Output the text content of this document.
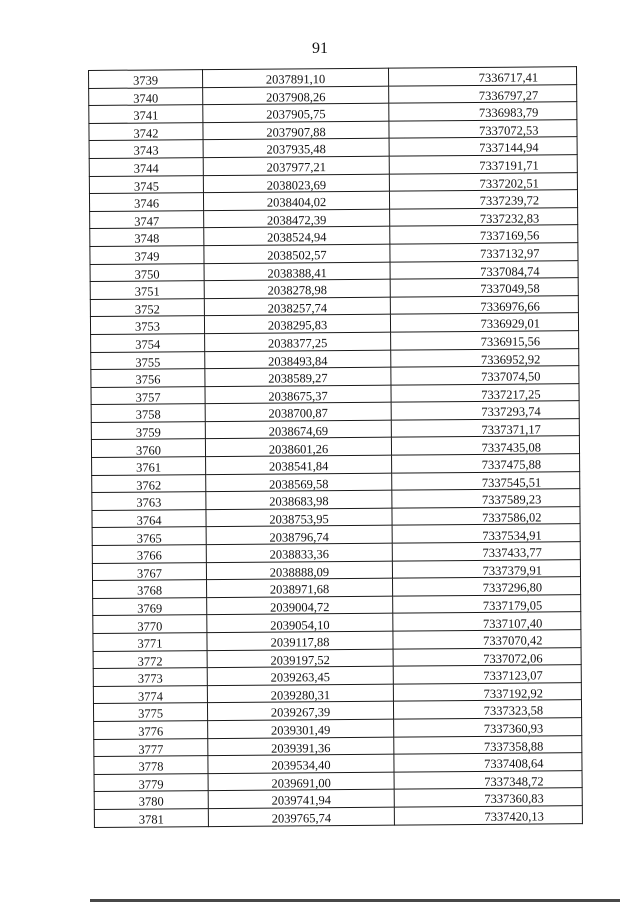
91
3739	2037891,10	7336717,41
3740	2037908,26	7336797,27
3741	2037905,75	7336983,79
3742	2037907,88	7337072,53
3743	2037935,48	7337144,94
3744	2037977,21	7337191,71
3745	2038023,69	7337202,51
3746	2038404,02	7337239,72
3747	2038472,39	7337232,83
3748	2038524,94	7337169,56
3749	2038502,57	7337132,97
3750	2038388,41	7337084,74
3751	2038278,98	7337049,58
3752	2038257,74	7336976,66
3753	2038295,83	7336929,01
3754	2038377,25	7336915,56
3755	2038493,84	7336952,92
3756	2038589,27	7337074,50
3757	2038675,37	7337217,25
3758	2038700,87	7337293,74
3759	2038674,69	7337371,17
3760	2038601,26	7337435,08
3761	2038541,84	7337475,88
3762	2038569,58	7337545,51
3763	2038683,98	7337589,23
3764	2038753,95	7337586,02
3765	2038796,74	7337534,91
3766	2038833,36	7337433,77
3767	2038888,09	7337379,91
3768	2038971,68	7337296,80
3769	2039004,72	7337179,05
3770	2039054,10	7337107,40
3771	2039117,88	7337070,42
3772	2039197,52	7337072,06
3773	2039263,45	7337123,07
3774	2039280,31	7337192,92
3775	2039267,39	7337323,58
3776	2039301,49	7337360,93
3777	2039391,36	7337358,88
3778	2039534,40	7337408,64
3779	2039691,00	7337348,72
3780	2039741,94	7337360,83
3781	2039765,74	7337420,13
